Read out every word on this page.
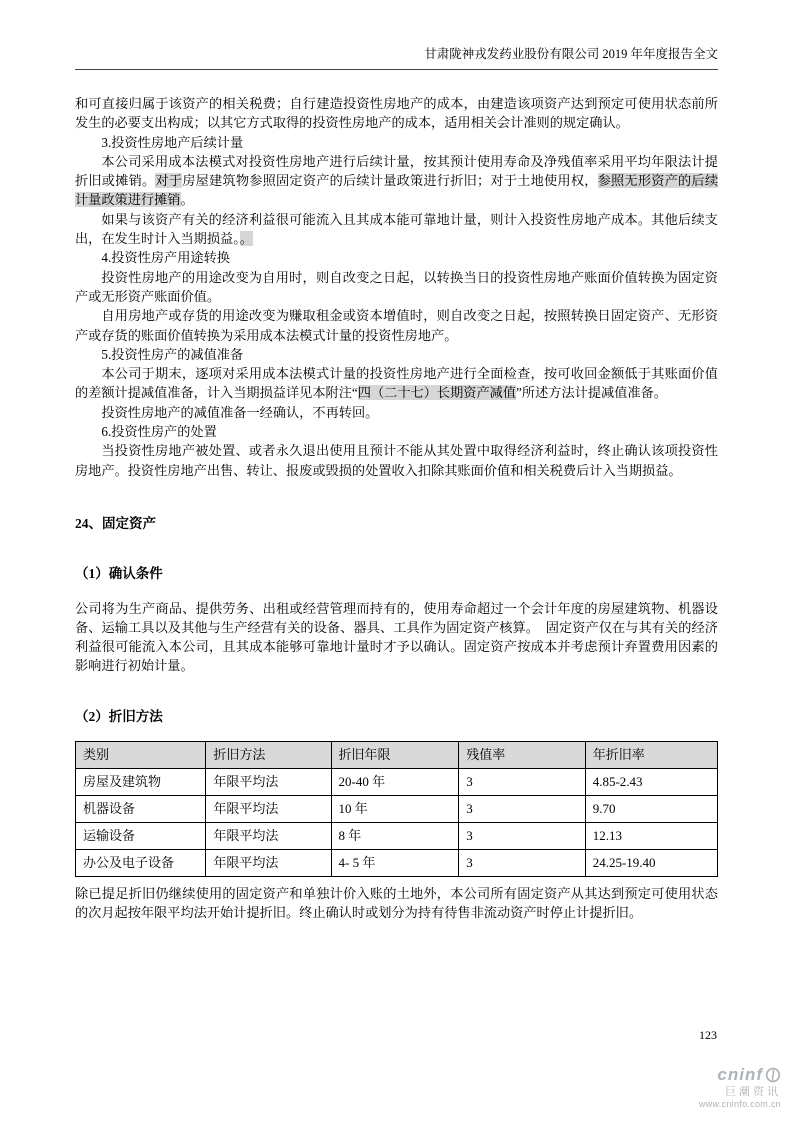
甘肃陇神戎发药业股份有限公司 2019 年年度报告全文
和可直接归属于该资产的相关税费；自行建造投资性房地产的成本，由建造该项资产达到预定可使用状态前所发生的必要支出构成；以其它方式取得的投资性房地产的成本，适用相关会计准则的规定确认。
3.投资性房地产后续计量
本公司采用成本法模式对投资性房地产进行后续计量，按其预计使用寿命及净残值率采用平均年限法计提折旧或摊销。对于房屋建筑物参照固定资产的后续计量政策进行折旧；对于土地使用权，参照无形资产的后续计量政策进行摊销。
如果与该资产有关的经济利益很可能流入且其成本能可靠地计量，则计入投资性房地产成本。其他后续支出，在发生时计入当期损益。。
4.投资性房产用途转换
投资性房地产的用途改变为自用时，则自改变之日起，以转换当日的投资性房地产账面价值转换为固定资产或无形资产账面价值。
自用房地产或存货的用途改变为赚取租金或资本增值时，则自改变之日起，按照转换日固定资产、无形资产或存货的账面价值转换为采用成本法模式计量的投资性房地产。
5.投资性房产的减值准备
本公司于期末，逐项对采用成本法模式计量的投资性房地产进行全面检查，按可收回金额低于其账面价值的差额计提减值准备，计入当期损益详见本附注“四（二十七）长期资产减值”所述方法计提减值准备。
投资性房地产的减值准备一经确认，不再转回。
6.投资性房产的处置
当投资性房地产被处置、或者永久退出使用且预计不能从其处置中取得经济利益时，终止确认该项投资性房地产。投资性房地产出售、转让、报废或毁损的处置收入扣除其账面价值和相关税费后计入当期损益。
24、固定资产
（1）确认条件
公司将为生产商品、提供劳务、出租或经营管理而持有的，使用寿命超过一个会计年度的房屋建筑物、机器设备、运输工具以及其他与生产经营有关的设备、器具、工具作为固定资产核算。　固定资产仅在与其有关的经济利益很可能流入本公司，且其成本能够可靠地计量时才予以确认。固定资产按成本并考虑预计弃置费用因素的影响进行初始计量。
（2）折旧方法
类别	折旧方法	折旧年限	残值率	年折旧率
房屋及建筑物	年限平均法	20-40 年	3	4.85-2.43
机器设备	年限平均法	10 年	3	9.70
运输设备	年限平均法	8 年	3	12.13
办公及电子设备	年限平均法	4- 5 年	3	24.25-19.40
除已提足折旧仍继续使用的固定资产和单独计价入账的土地外，本公司所有固定资产从其达到预定可使用状态的次月起按年限平均法开始计提折旧。终止确认时或划分为持有待售非流动资产时停止计提折旧。
123
cninf
巨潮资讯
www.cninfo.com.cn
